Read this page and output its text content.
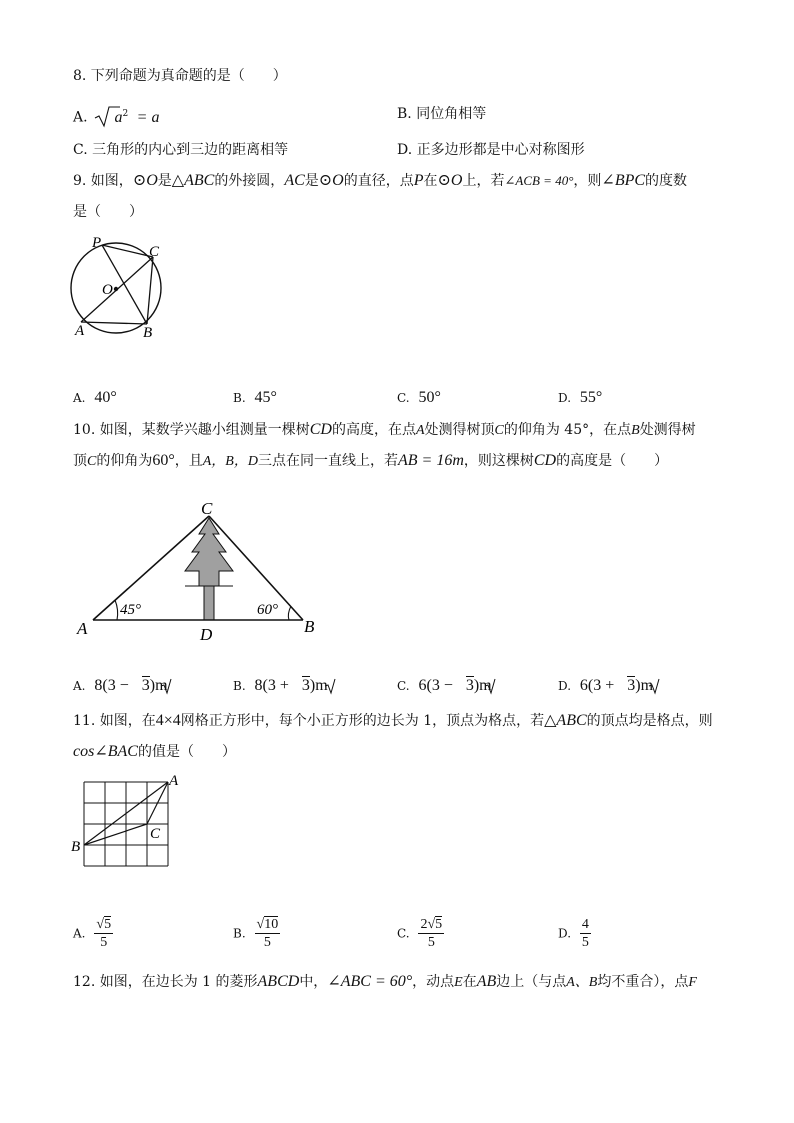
8. 下列命题为真命题的是（　　）
A. $a^2 = a$	B. 同位角相等
C. 三角形的内心到三边的距离相等	D. 正多边形都是中心对称图形
9. 如图，⊙O是△ABC的外接圆，AC是⊙O的直径，点P在⊙O上，若∠ACB = 40°，则∠BPC的度数
是（　　）
P
C
O
A	B
A. 40°	B. 45°	C. 50°	D. 55°
10. 如图，某数学兴趣小组测量一棵树CD的高度，在点A处测得树顶C的仰角为 45°，在点B处测得树
顶C的仰角为60°，且A，B，D三点在同一直线上，若AB = 16m，则这棵树CD的高度是（　　）
C
A	B
D
45°	60°
A. 8(3 − 3)m	B. 8(3 + 3)m	C. 6(3 − 3)m	D. 6(3 + 3)m
11. 如图，在4×4网格正方形中，每个小正方形的边长为 1，顶点为格点，若△ABC的顶点均是格点，则
cos∠BAC的值是（　　）
A
B
C
A. $\frac{√5}{5}$	B. $\frac{√10}{5}$	C. $\frac{2√5}{5}$	D. $\frac{4}{5}$
12. 如图，在边长为 1 的菱形ABCD中，∠ABC = 60°，动点E在AB边上（与点A、B均不重合），点F
